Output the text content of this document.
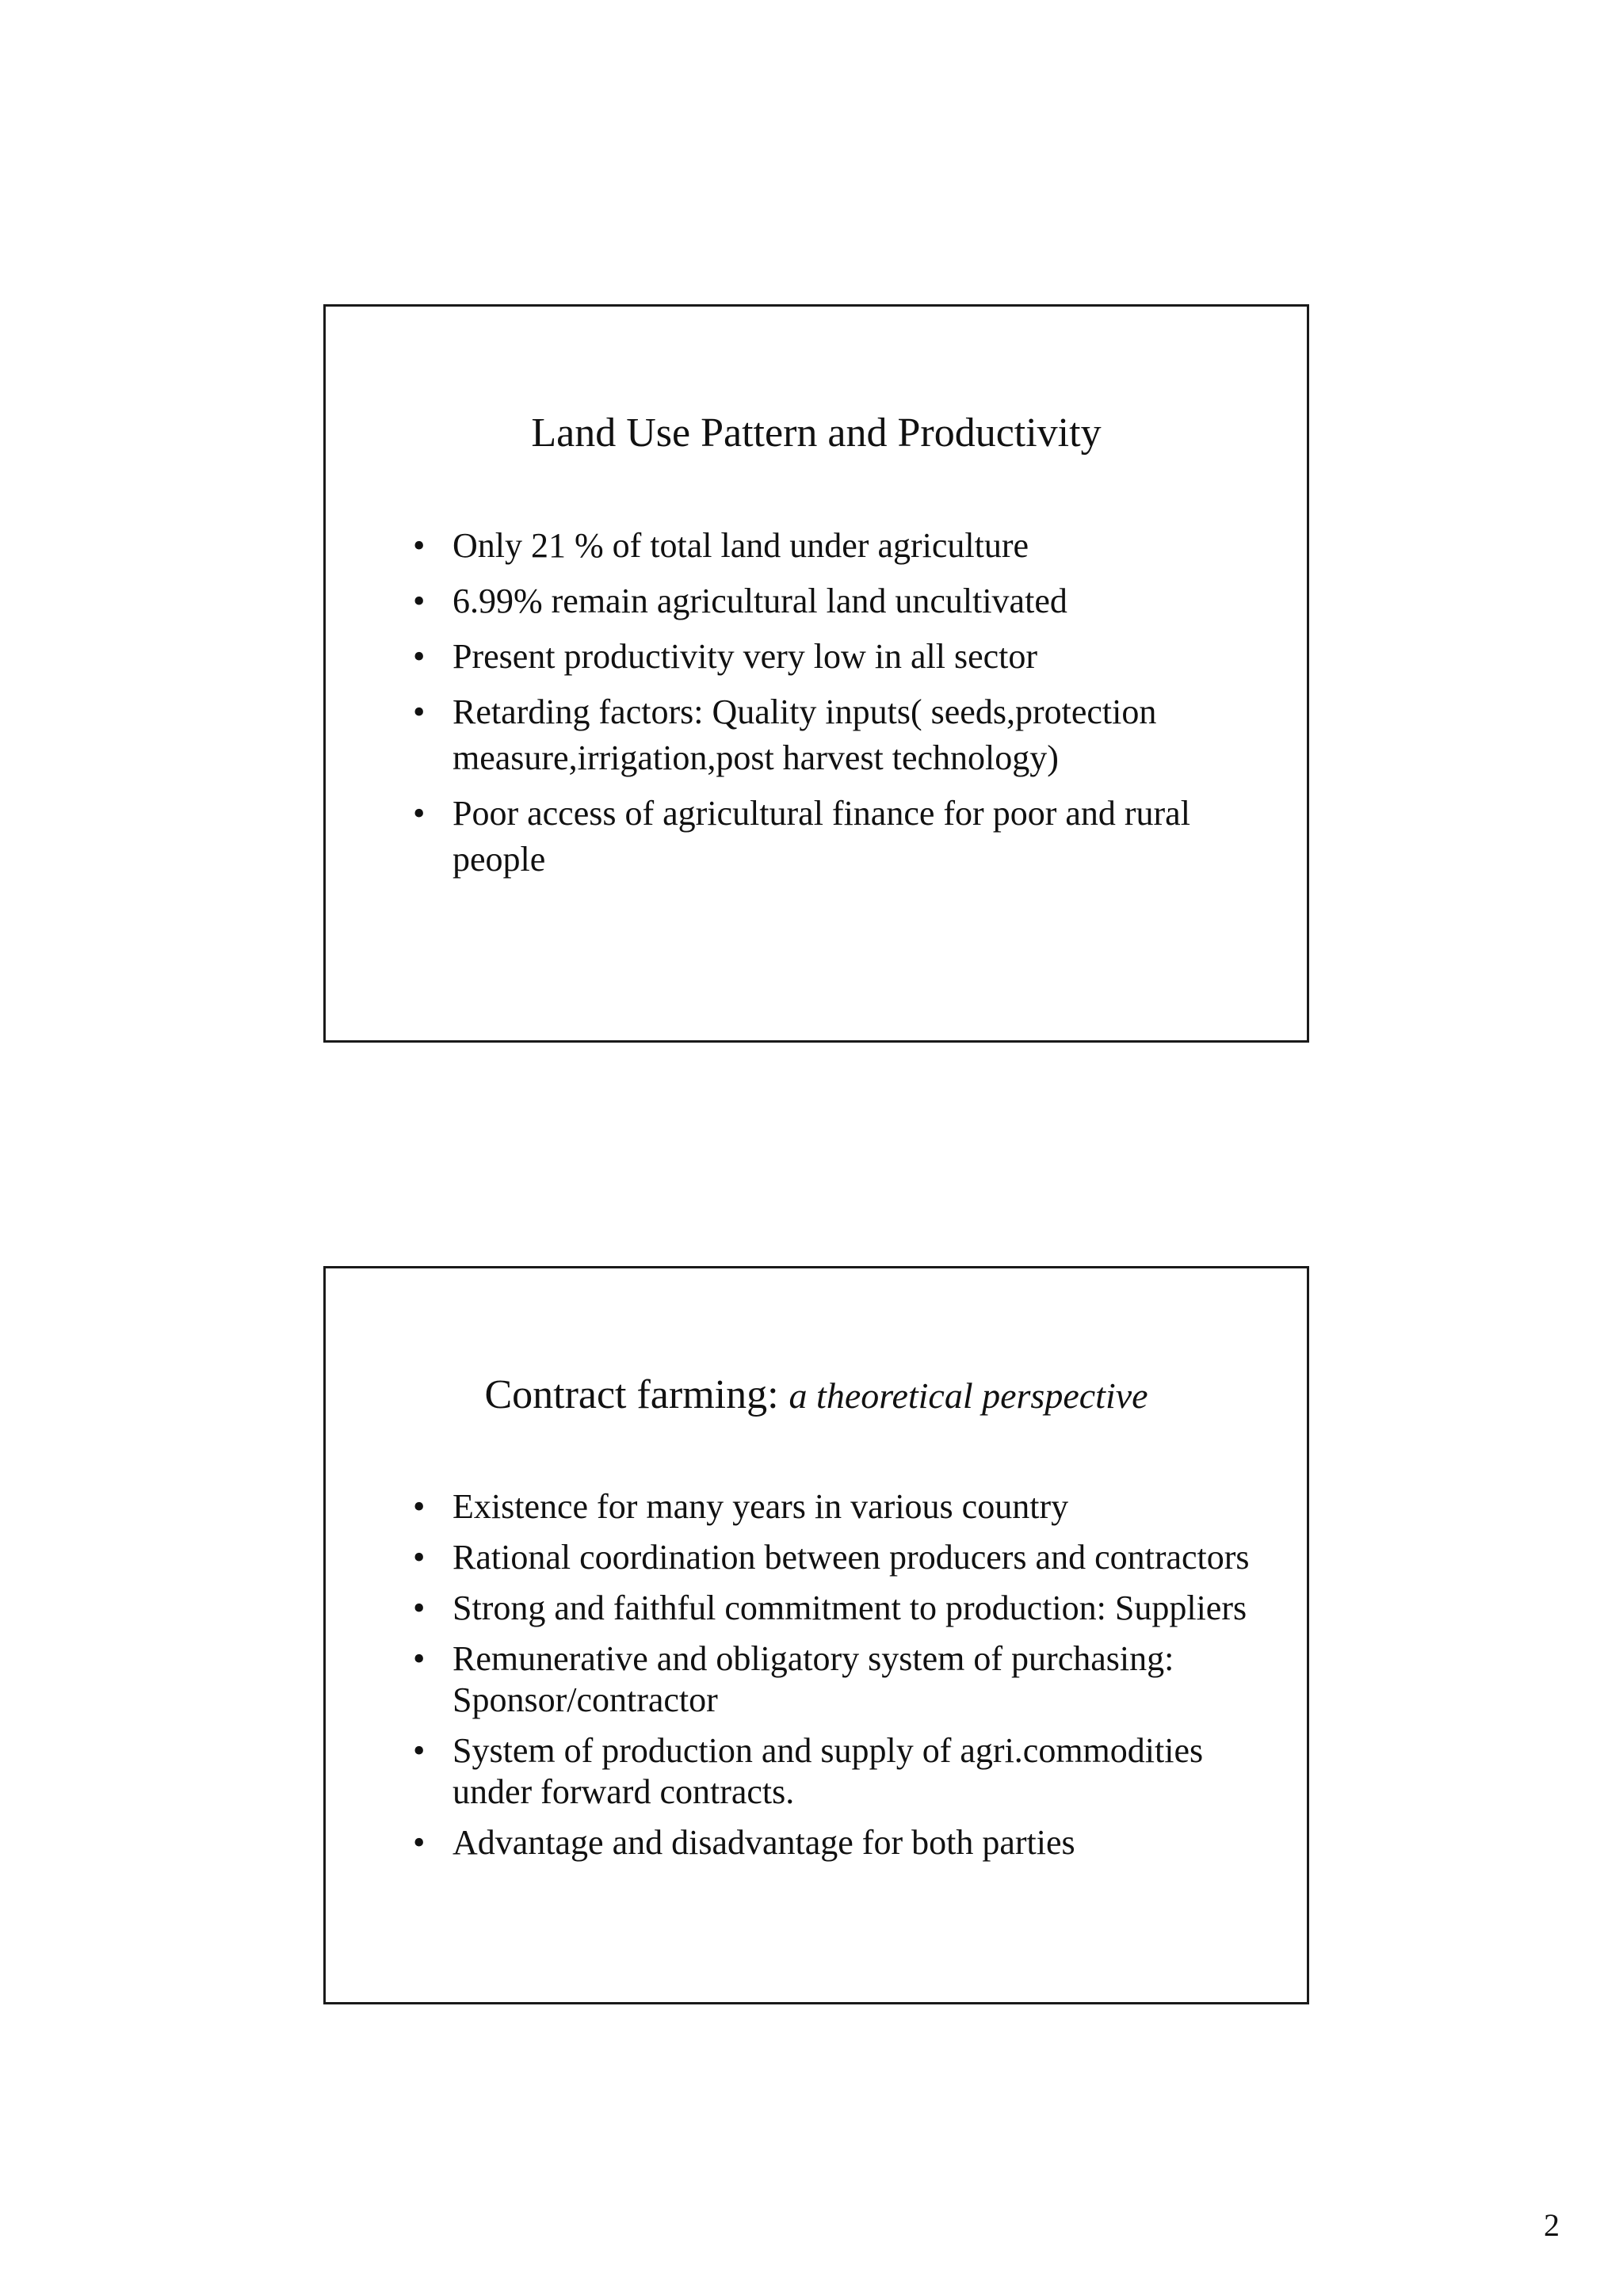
Land Use Pattern and Productivity
• Only 21 % of total land under agriculture
• 6.99% remain agricultural land uncultivated
• Present productivity very low in all sector
• Retarding factors: Quality inputs( seeds,protection measure,irrigation,post harvest technology)
• Poor access of agricultural finance for poor and rural people
Contract farming: a theoretical perspective
• Existence for many years in various country
• Rational coordination between producers and contractors
• Strong and faithful commitment to production: Suppliers
• Remunerative and obligatory system of purchasing: Sponsor/contractor
• System of production and supply of agri.commodities under forward contracts.
• Advantage and disadvantage for both parties
2
